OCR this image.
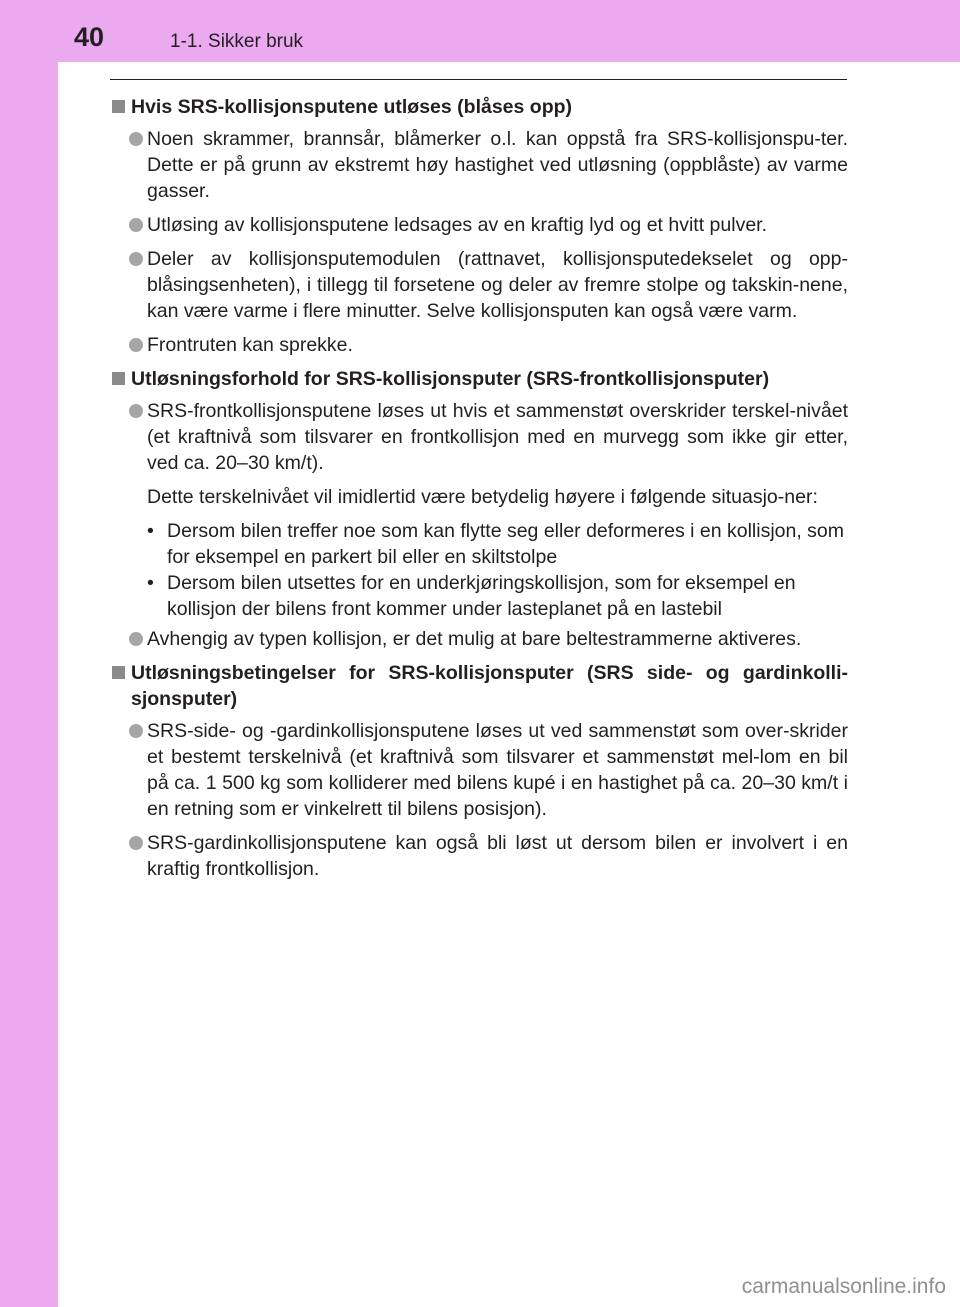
40	1-1. Sikker bruk
Hvis SRS-kollisjonsputene utløses (blåses opp)
Noen skrammer, brannsår, blåmerker o.l. kan oppstå fra SRS-kollisjonspu-ter. Dette er på grunn av ekstremt høy hastighet ved utløsning (oppblåste) av varme gasser.
Utløsing av kollisjonsputene ledsages av en kraftig lyd og et hvitt pulver.
Deler av kollisjonsputemodulen (rattnavet, kollisjonsputedekselet og opp-blåsingsenheten), i tillegg til forsetene og deler av fremre stolpe og takskin-nene, kan være varme i flere minutter. Selve kollisjonsputen kan også være varm.
Frontruten kan sprekke.
Utløsningsforhold for SRS-kollisjonsputer (SRS-frontkollisjonsputer)
SRS-frontkollisjonsputene løses ut hvis et sammenstøt overskrider terskel-nivået (et kraftnivå som tilsvarer en frontkollisjon med en murvegg som ikke gir etter, ved ca. 20–30 km/t).
Dette terskelnivået vil imidlertid være betydelig høyere i følgende situasjo-ner:
• Dersom bilen treffer noe som kan flytte seg eller deformeres i en kollisjon, som for eksempel en parkert bil eller en skiltstolpe
• Dersom bilen utsettes for en underkjøringskollisjon, som for eksempel en kollisjon der bilens front kommer under lasteplanet på en lastebil
Avhengig av typen kollisjon, er det mulig at bare beltestrammerne aktiveres.
Utløsningsbetingelser for SRS-kollisjonsputer (SRS side- og gardinkolli-sjonsputer)
SRS-side- og -gardinkollisjonsputene løses ut ved sammenstøt som over-skrider et bestemt terskelnivå (et kraftnivå som tilsvarer et sammenstøt mel-lom en bil på ca. 1 500 kg som kolliderer med bilens kupé i en hastighet på ca. 20–30 km/t i en retning som er vinkelrett til bilens posisjon).
SRS-gardinkollisjonsputene kan også bli løst ut dersom bilen er involvert i en kraftig frontkollisjon.
carmanualsonline.info
